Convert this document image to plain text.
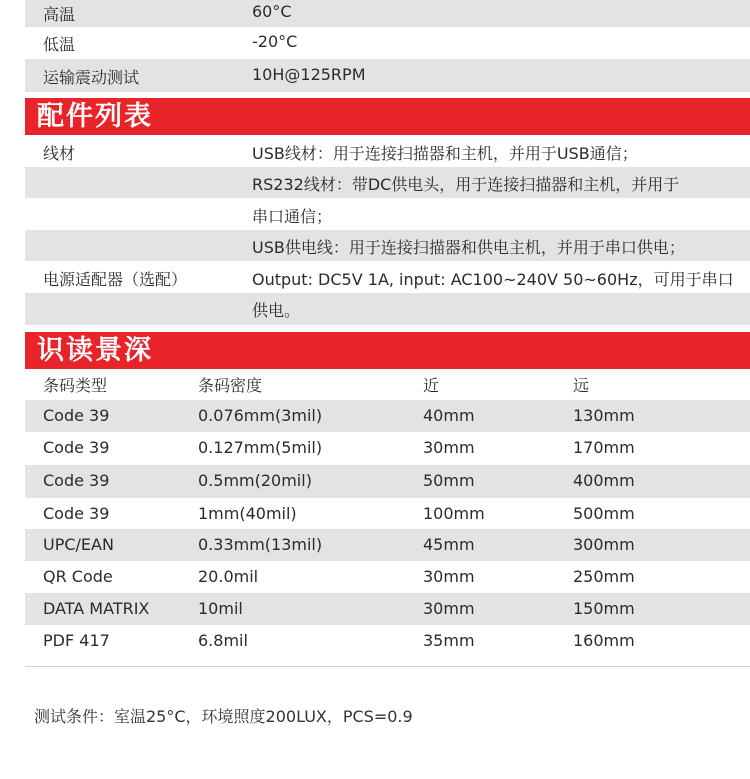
高温	60°C
低温	-20°C
运输震动测试	10H@125RPM
配件列表
线材	USB线材：用于连接扫描器和主机，并用于USB通信；
RS232线材：带DC供电头，用于连接扫描器和主机，并用于
串口通信；
USB供电线：用于连接扫描器和供电主机，并用于串口供电；
电源适配器（选配）	Output: DC5V 1A, input: AC100~240V 50~60Hz，可用于串口
供电。
识读景深
条码类型	条码密度	近	远
Code 39	0.076mm(3mil)	40mm	130mm
Code 39	0.127mm(5mil)	30mm	170mm
Code 39	0.5mm(20mil)	50mm	400mm
Code 39	1mm(40mil)	100mm	500mm
UPC/EAN	0.33mm(13mil)	45mm	300mm
QR Code	20.0mil	30mm	250mm
DATA MATRIX	10mil	30mm	150mm
PDF 417	6.8mil	35mm	160mm
测试条件：室温25°C，环境照度200LUX，PCS=0.9
